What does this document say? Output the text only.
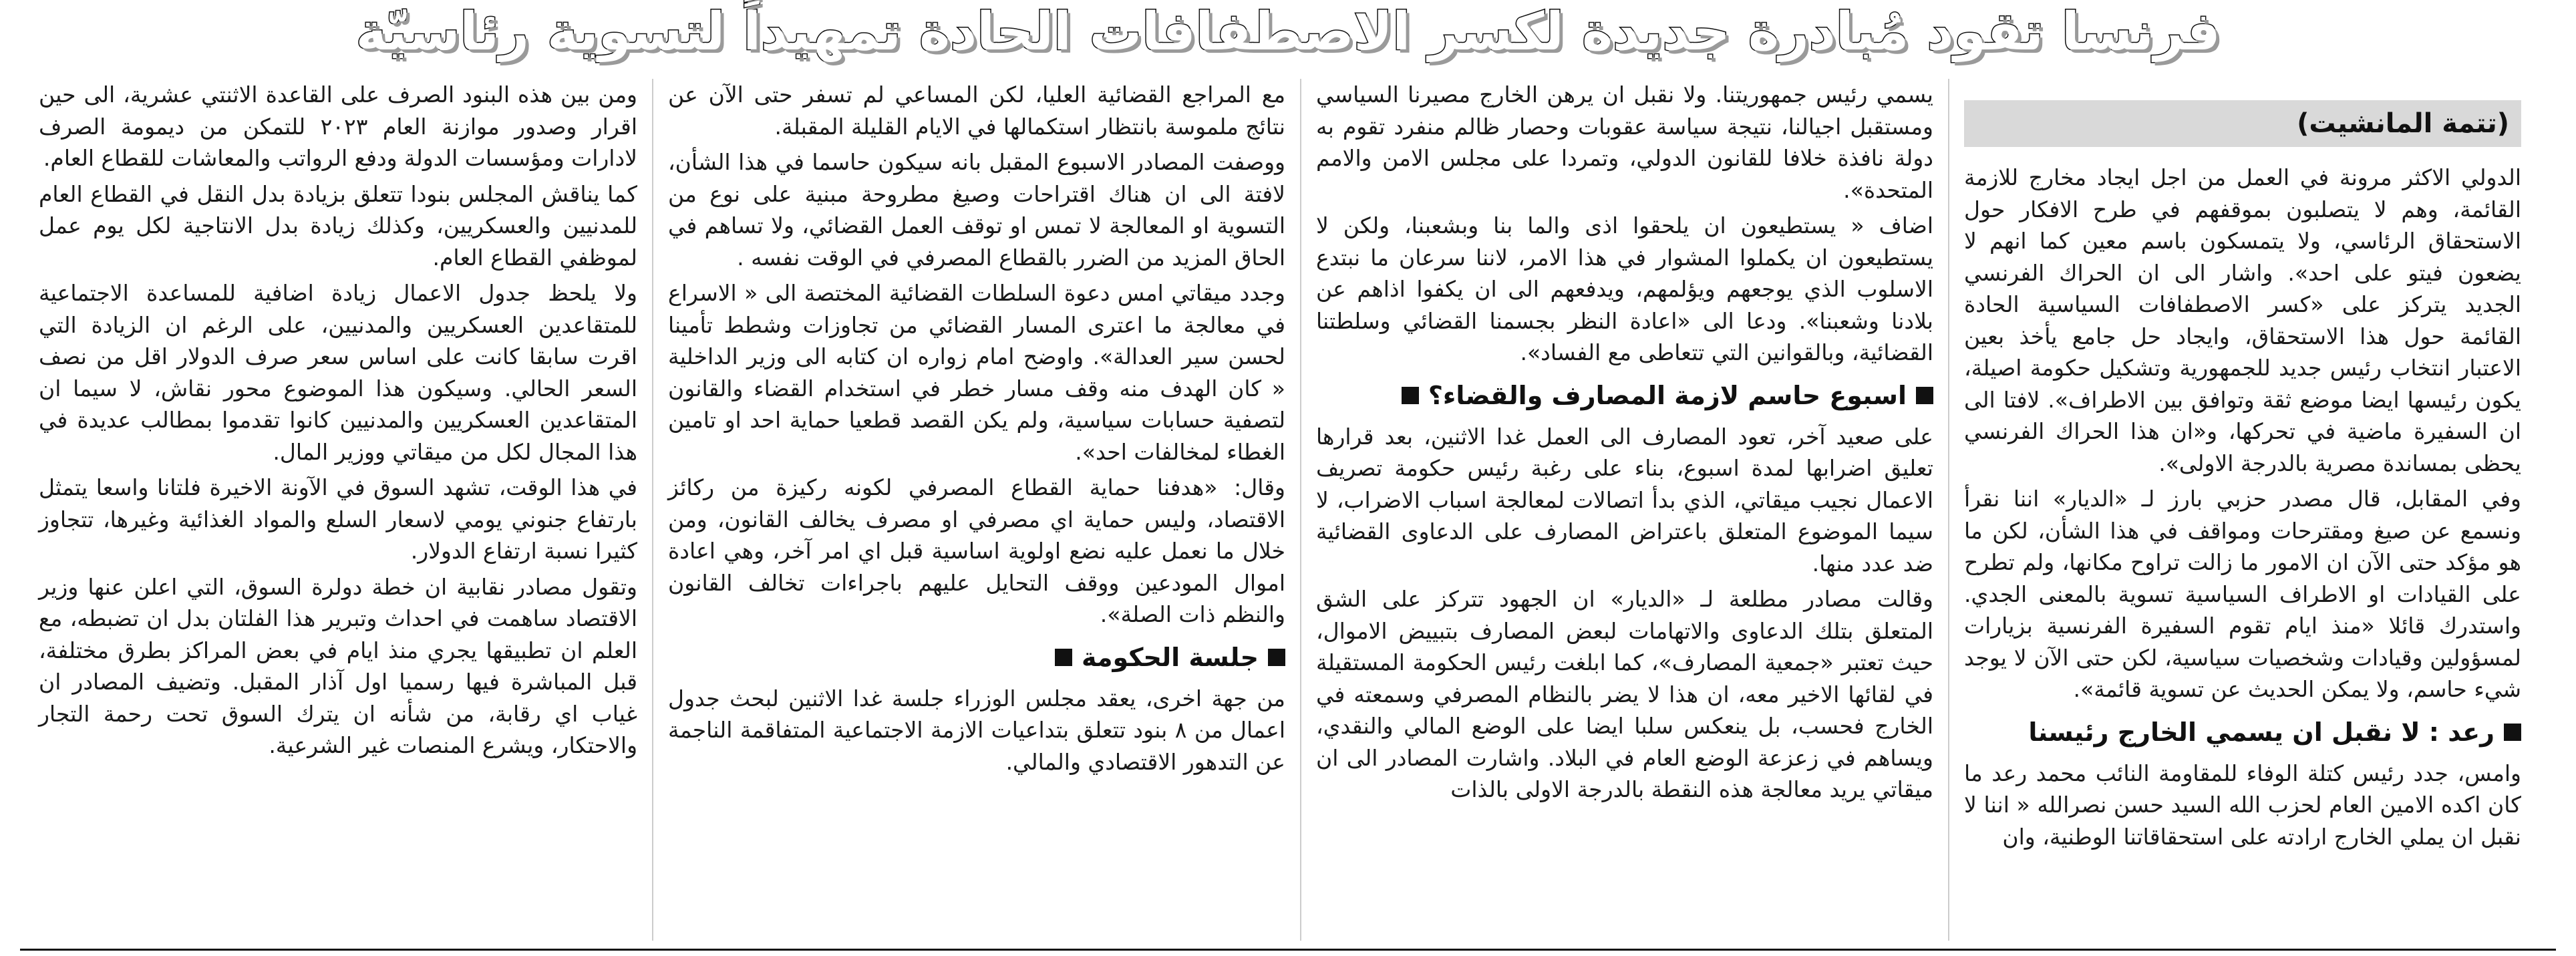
فرنسا تقود مُبادرة جديدة لكسر الاصطفافات الحادة تمهيداً لتسوية رئاسيّة
(تتمة المانشيت)

الدولي الاكثر مرونة في العمل من اجل ايجاد مخارج للازمة القائمة، وهم لا يتصلبون بموقفهم في طرح الافكار حول الاستحقاق الرئاسي، ولا يتمسكون باسم معين كما انهم لا يضعون فيتو على احد». واشار الى ان الحراك الفرنسي الجديد يتركز على «كسر الاصطفافات السياسية الحادة القائمة حول هذا الاستحقاق، وايجاد حل جامع يأخذ بعين الاعتبار انتخاب رئيس جديد للجمهورية وتشكيل حكومة اصيلة، يكون رئيسها ايضا موضع ثقة وتوافق بين الاطراف». لافتا الى ان السفيرة ماضية في تحركها، و«ان هذا الحراك الفرنسي يحظى بمساندة مصرية بالدرجة الاولى».

وفي المقابل، قال مصدر حزبي بارز لـ «الديار» اننا نقرأ ونسمع عن صيغ ومقترحات ومواقف في هذا الشأن، لكن ما هو مؤكد حتى الآن ان الامور ما زالت تراوح مكانها، ولم تطرح على القيادات او الاطراف السياسية تسوية بالمعنى الجدي. واستدرك قائلا «منذ ايام تقوم السفيرة الفرنسية بزيارات لمسؤولين وقيادات وشخصيات سياسية، لكن حتى الآن لا يوجد شيء حاسم، ولا يمكن الحديث عن تسوية قائمة».

رعد : لا نقبل ان يسمي الخارج رئيسنا

وامس، جدد رئيس كتلة الوفاء للمقاومة النائب محمد رعد ما كان اكده الامين العام لحزب الله السيد حسن نصرالله « اننا لا نقبل ان يملي الخارج ارادته على استحقاقاتنا الوطنية، وان

يسمي رئيس جمهوريتنا. ولا نقبل ان يرهن الخارج مصيرنا السياسي ومستقبل اجيالنا، نتيجة سياسة عقوبات وحصار ظالم منفرد تقوم به دولة نافذة خلافا للقانون الدولي، وتمردا على مجلس الامن والامم المتحدة».

اضاف « يستطيعون ان يلحقوا اذى والما بنا وبشعبنا، ولكن لا يستطيعون ان يكملوا المشوار في هذا الامر، لاننا سرعان ما نبتدع الاسلوب الذي يوجعهم ويؤلمهم، ويدفعهم الى ان يكفوا اذاهم عن بلادنا وشعبنا». ودعا الى «اعادة النظر بجسمنا القضائي وسلطتنا القضائية، وبالقوانين التي تتعاطى مع الفساد».

اسبوع حاسم لازمة المصارف والقضاء؟

على صعيد آخر، تعود المصارف الى العمل غدا الاثنين، بعد قرارها تعليق اضرابها لمدة اسبوع، بناء على رغبة رئيس حكومة تصريف الاعمال نجيب ميقاتي، الذي بدأ اتصالات لمعالجة اسباب الاضراب، لا سيما الموضوع المتعلق باعتراض المصارف على الدعاوى القضائية ضد عدد منها.

وقالت مصادر مطلعة لـ «الديار» ان الجهود تتركز على الشق المتعلق بتلك الدعاوى والاتهامات لبعض المصارف بتبييض الاموال، حيث تعتبر «جمعية المصارف»، كما ابلغت رئيس الحكومة المستقيلة في لقائها الاخير معه، ان هذا لا يضر بالنظام المصرفي وسمعته في الخارج فحسب، بل ينعكس سلبا ايضا على الوضع المالي والنقدي، ويساهم في زعزعة الوضع العام في البلاد. واشارت المصادر الى ان ميقاتي يريد معالجة هذه النقطة بالدرجة الاولى بالذات

مع المراجع القضائية العليا، لكن المساعي لم تسفر حتى الآن عن نتائج ملموسة بانتظار استكمالها في الايام القليلة المقبلة.

ووصفت المصادر الاسبوع المقبل بانه سيكون حاسما في هذا الشأن، لافتة الى ان هناك اقتراحات وصيغ مطروحة مبنية على نوع من التسوية او المعالجة لا تمس او توقف العمل القضائي، ولا تساهم في الحاق المزيد من الضرر بالقطاع المصرفي في الوقت نفسه .

وجدد ميقاتي امس دعوة السلطات القضائية المختصة الى « الاسراع في معالجة ما اعترى المسار القضائي من تجاوزات وشطط تأمينا لحسن سير العدالة». واوضح امام زواره ان كتابه الى وزير الداخلية « كان الهدف منه وقف مسار خطر في استخدام القضاء والقانون لتصفية حسابات سياسية، ولم يكن القصد قطعيا حماية احد او تامين الغطاء لمخالفات احد».

وقال: «هدفنا حماية القطاع المصرفي لكونه ركيزة من ركائز الاقتصاد، وليس حماية اي مصرفي او مصرف يخالف القانون، ومن خلال ما نعمل عليه نضع اولوية اساسية قبل اي امر آخر، وهي اعادة اموال المودعين ووقف التحايل عليهم باجراءات تخالف القانون والنظم ذات الصلة».

جلسة الحكومة

من جهة اخرى، يعقد مجلس الوزراء جلسة غدا الاثنين لبحث جدول اعمال من ٨ بنود تتعلق بتداعيات الازمة الاجتماعية المتفاقمة الناجمة عن التدهور الاقتصادي والمالي.

ومن بين هذه البنود الصرف على القاعدة الاثنتي عشرية، الى حين اقرار وصدور موازنة العام ٢٠٢٣ للتمكن من ديمومة الصرف لادارات ومؤسسات الدولة ودفع الرواتب والمعاشات للقطاع العام.

كما يناقش المجلس بنودا تتعلق بزيادة بدل النقل في القطاع العام للمدنيين والعسكريين، وكذلك زيادة بدل الانتاجية لكل يوم عمل لموظفي القطاع العام.

ولا يلحظ جدول الاعمال زيادة اضافية للمساعدة الاجتماعية للمتقاعدين العسكريين والمدنيين، على الرغم ان الزيادة التي اقرت سابقا كانت على اساس سعر صرف الدولار اقل من نصف السعر الحالي. وسيكون هذا الموضوع محور نقاش، لا سيما ان المتقاعدين العسكريين والمدنيين كانوا تقدموا بمطالب عديدة في هذا المجال لكل من ميقاتي ووزير المال.

في هذا الوقت، تشهد السوق في الآونة الاخيرة فلتانا واسعا يتمثل بارتفاع جنوني يومي لاسعار السلع والمواد الغذائية وغيرها، تتجاوز كثيرا نسبة ارتفاع الدولار.

وتقول مصادر نقابية ان خطة دولرة السوق، التي اعلن عنها وزير الاقتصاد ساهمت في احداث وتبرير هذا الفلتان بدل ان تضبطه، مع العلم ان تطبيقها يجري منذ ايام في بعض المراكز بطرق مختلفة، قبل المباشرة فيها رسميا اول آذار المقبل. وتضيف المصادر ان غياب اي رقابة، من شأنه ان يترك السوق تحت رحمة التجار والاحتكار، ويشرع المنصات غير الشرعية.
